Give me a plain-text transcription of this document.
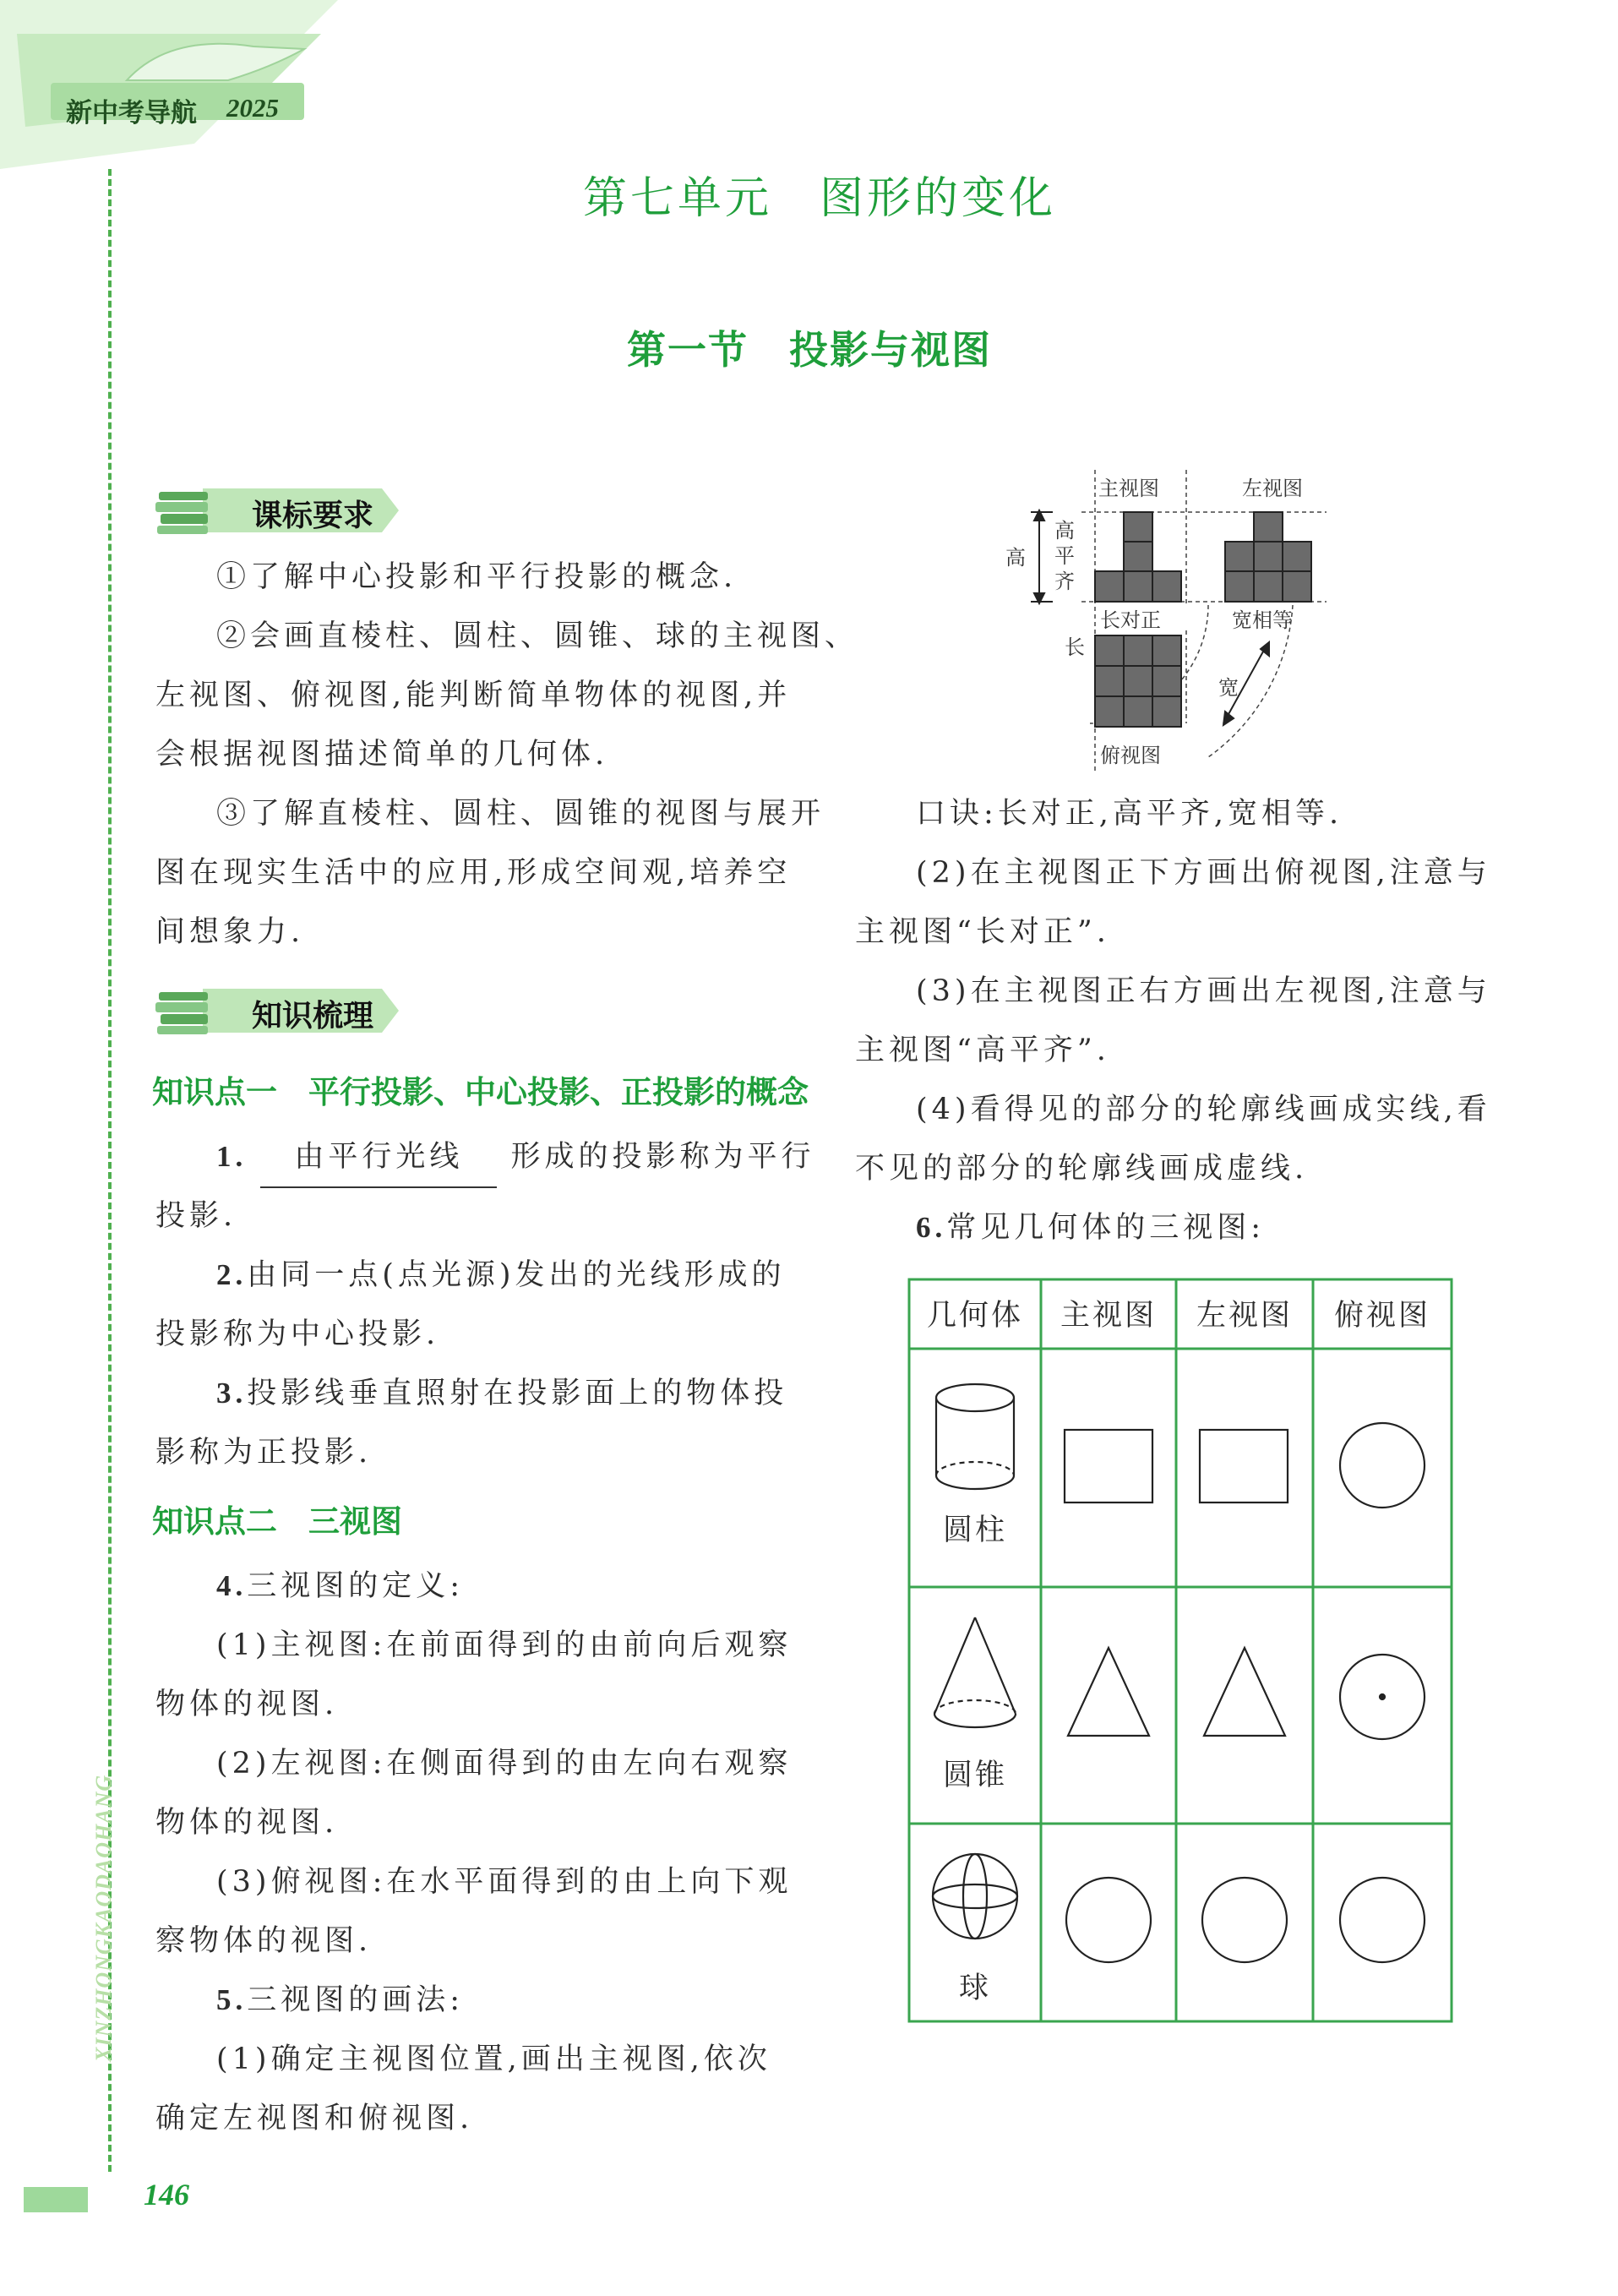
新中考导航 2025
XINZHONGKAODAOHANG
第七单元　图形的变化
第一节　投影与视图
课标要求
①了解中心投影和平行投影的概念.
②会画直棱柱、圆柱、圆锥、球的主视图、
左视图、俯视图,能判断简单物体的视图,并
会根据视图描述简单的几何体.
③了解直棱柱、圆柱、圆锥的视图与展开
图在现实生活中的应用,形成空间观,培养空
间想象力.
知识梳理
知识点一　平行投影、中心投影、正投影的概念
1. 由平行光线 形成的投影称为平行
投影.
2.由同一点(点光源)发出的光线形成的
投影称为中心投影.
3.投影线垂直照射在投影面上的物体投
影称为正投影.
知识点二　三视图
4.三视图的定义:
(1)主视图:在前面得到的由前向后观察
物体的视图.
(2)左视图:在侧面得到的由左向右观察
物体的视图.
(3)俯视图:在水平面得到的由上向下观
察物体的视图.
5.三视图的画法:
(1)确定主视图位置,画出主视图,依次
确定左视图和俯视图.
主视图	左视图
高
高
平
齐
长对正
长
宽相等
宽
俯视图
口诀:长对正,高平齐,宽相等.
(2)在主视图正下方画出俯视图,注意与
主视图“长对正”.
(3)在主视图正右方画出左视图,注意与
主视图“高平齐”.
(4)看得见的部分的轮廓线画成实线,看
不见的部分的轮廓线画成虚线.
6.常见几何体的三视图:
几何体 主视图 左视图 俯视图
圆柱
圆锥
球
146
